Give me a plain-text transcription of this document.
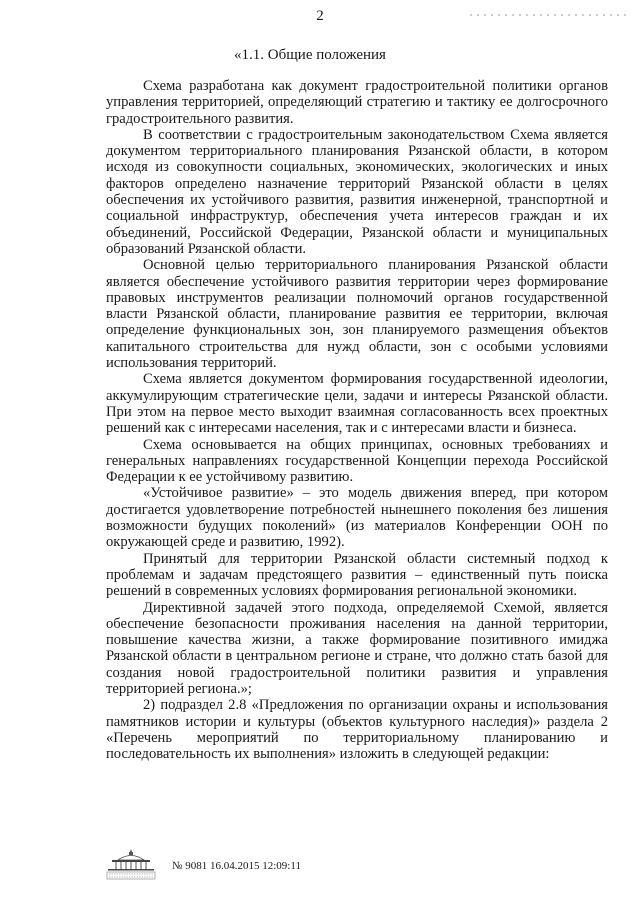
2
«1.1. Общие положения

Схема разработана как документ градостроительной политики органов управления территорией, определяющий стратегию и тактику ее долгосрочного градостроительного развития.

В соответствии с градостроительным законодательством Схема является документом территориального планирования Рязанской области, в котором исходя из совокупности социальных, экономических, экологических и иных факторов определено назначение территорий Рязанской области в целях обеспечения их устойчивого развития, развития инженерной, транспортной и социальной инфраструктур, обеспечения учета интересов граждан и их объединений, Российской Федерации, Рязанской области и муниципальных образований Рязанской области.

Основной целью территориального планирования Рязанской области является обеспечение устойчивого развития территории через формирование правовых инструментов реализации полномочий органов государственной власти Рязанской области, планирование развития ее территории, включая определение функциональных зон, зон планируемого размещения объектов капитального строительства для нужд области, зон с особыми условиями использования территорий.

Схема является документом формирования государственной идеологии, аккумулирующим стратегические цели, задачи и интересы Рязанской области. При этом на первое место выходит взаимная согласованность всех проектных решений как с интересами населения, так и с интересами власти и бизнеса.

Схема основывается на общих принципах, основных требованиях и генеральных направлениях государственной Концепции перехода Российской Федерации к ее устойчивому развитию.

«Устойчивое развитие» – это модель движения вперед, при котором достигается удовлетворение потребностей нынешнего поколения без лишения возможности будущих поколений» (из материалов Конференции ООН по окружающей среде и развитию, 1992).

Принятый для территории Рязанской области системный подход к проблемам и задачам предстоящего развития – единственный путь поиска решений в современных условиях формирования региональной экономики.

Директивной задачей этого подхода, определяемой Схемой, является обеспечение безопасности проживания населения на данной территории, повышение качества жизни, а также формирование позитивного имиджа Рязанской области в центральном регионе и стране, что должно стать базой для создания новой градостроительной политики развития и управления территорией региона.»;

2) подраздел 2.8 «Предложения по организации охраны и использования памятников истории и культуры (объектов культурного наследия)» раздела 2 «Перечень мероприятий по территориальному планированию и последовательность их выполнения» изложить в следующей редакции:

№ 9081 16.04.2015 12:09:11
